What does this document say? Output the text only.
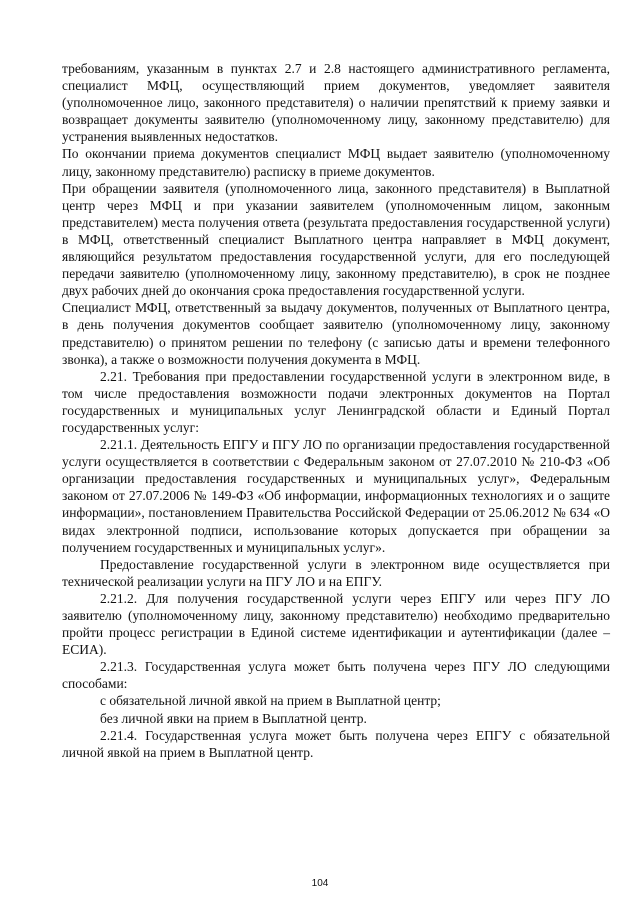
требованиям, указанным в пунктах 2.7 и 2.8 настоящего административного регламента, специалист МФЦ, осуществляющий прием документов, уведомляет заявителя (уполномоченное лицо, законного представителя) о наличии препятствий к приему заявки и возвращает документы заявителю (уполномоченному лицу, законному представителю) для устранения выявленных недостатков.

По окончании приема документов специалист МФЦ выдает заявителю (уполномоченному лицу, законному представителю) расписку в приеме документов.

При обращении заявителя (уполномоченного лица, законного представителя) в Выплатной центр через МФЦ и при указании заявителем (уполномоченным лицом, законным представителем) места получения ответа (результата предоставления государственной услуги) в МФЦ, ответственный специалист Выплатного центра направляет в МФЦ документ, являющийся результатом предоставления государственной услуги, для его последующей передачи заявителю (уполномоченному лицу, законному представителю), в срок не позднее двух рабочих дней до окончания срока предоставления государственной услуги.

Специалист МФЦ, ответственный за выдачу документов, полученных от Выплатного центра, в день получения документов сообщает заявителю (уполномоченному лицу, законному представителю) о принятом решении по телефону (с записью даты и времени телефонного звонка), а также о возможности получения документа в МФЦ.

2.21. Требования при предоставлении государственной услуги в электронном виде, в том числе предоставления возможности подачи электронных документов на Портал государственных и муниципальных услуг Ленинградской области и Единый Портал государственных услуг:

2.21.1. Деятельность ЕПГУ и ПГУ ЛО по организации предоставления государственной услуги осуществляется в соответствии с Федеральным законом от 27.07.2010 № 210-ФЗ «Об организации предоставления государственных и муниципальных услуг», Федеральным законом от 27.07.2006 № 149-ФЗ «Об информации, информационных технологиях и о защите информации», постановлением Правительства Российской Федерации от 25.06.2012 № 634 «О видах электронной подписи, использование которых допускается при обращении за получением государственных и муниципальных услуг».

Предоставление государственной услуги в электронном виде осуществляется при технической реализации услуги на ПГУ ЛО и на ЕПГУ.

2.21.2. Для получения государственной услуги через ЕПГУ или через ПГУ ЛО заявителю (уполномоченному лицу, законному представителю) необходимо предварительно пройти процесс регистрации в Единой системе идентификации и аутентификации (далее – ЕСИА).

2.21.3. Государственная услуга может быть получена через ПГУ ЛО следующими способами:

с обязательной личной явкой на прием в Выплатной центр;

без личной явки на прием в Выплатной центр.

2.21.4. Государственная услуга может быть получена через ЕПГУ с обязательной личной явкой на прием в Выплатной центр.

104
